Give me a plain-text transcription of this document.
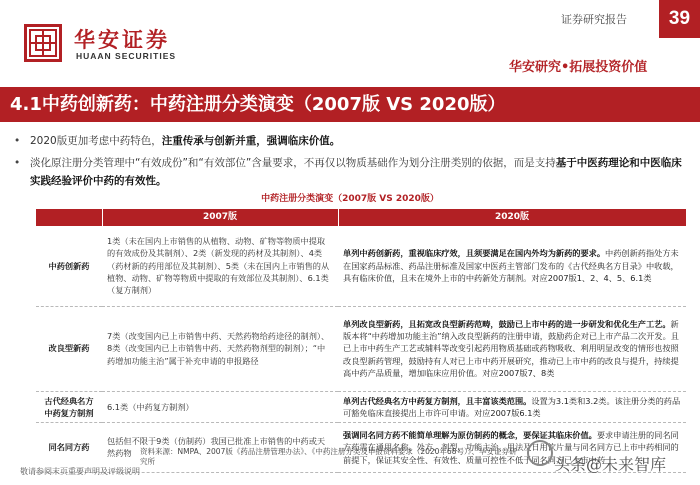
华安证券
HUAAN SECURITIES
证券研究报告	39
华安研究•拓展投资价值
4.1中药创新药：中药注册分类演变（2007版 VS 2020版）
• 2020版更加考虑中药特色，注重传承与创新并重，强调临床价值。
• 淡化原注册分类管理中“有效成份”和“有效部位”含量要求，不再仅以物质基础作为划分注册类别的依据，而是支持基于中医药理论和中医临床实践经验评价中药的有效性。
中药注册分类演变（2007版 VS 2020版）
	2007版	2020版
中药创新药	1类（未在国内上市销售的从植物、动物、矿物等物质中提取的有效成份及其制剂）、2类（新发现的药材及其制剂）、4类（药材新的药用部位及其制剂）、5类（未在国内上市销售的从植物、动物、矿物等物质中提取的有效部位及其制剂）、6.1类（复方制剂）	单列中药创新药，重视临床疗效，且须要满足在国内外均为新药的要求。中药创新药指处方未在国家药品标准、药品注册标准及国家中医药主管部门发布的《古代经典名方目录》中收载，具有临床价值，且未在境外上市的中药新处方制剂。对应2007版1、2、4、5、6.1类
改良型新药	7类（改变国内已上市销售中药、天然药物给药途径的制剂）、8类（改变国内已上市销售中药、天然药物剂型的制剂）；“中药增加功能主治”属于补充申请的申报路径	单列改良型新药，且拓宽改良型新药范畴，鼓励已上市中药的进一步研发和优化生产工艺。新版本将“中药增加功能主治”纳入改良型新药的注册申请，鼓励药企对已上市产品二次开发。且已上市中药生产工艺或辅料等改变引起药用物质基础或药物吸收、利用明显改变的情形也按照改良型新药管理，鼓励持有人对已上市中药开展研究，推动已上市中药的改良与提升，持续提高中药产品质量，增加临床应用价值。对应2007版7、8类
古代经典名方中药复方制剂	6.1类（中药复方制剂）	单列古代经典名方中药复方制剂，且丰富该类范围。设置为3.1类和3.2类。该注册分类的药品可豁免临床直接提出上市许可申请。对应2007版6.1类
同名同方药	包括但不限于9类（仿制药）我国已批准上市销售的中药或天然药物	强调同名同方药不能简单理解为原仿制药的概念，要保证其临床价值。要求申请注册的同名同方药需在通用名称、处方、剂型、功能主治、用法及日用饮片量与同名同方已上市中药相同的前提下，保证其安全性、有效性、质量可控性不低于同名同方已上市中药
资料来源：NMPA、2007版《药品注册管理办法》、《中药注册分类及申报资料要求（2020年68号）》、华安证券研究所
敬请参阅末页重要声明及评级说明	头条@未来智库
